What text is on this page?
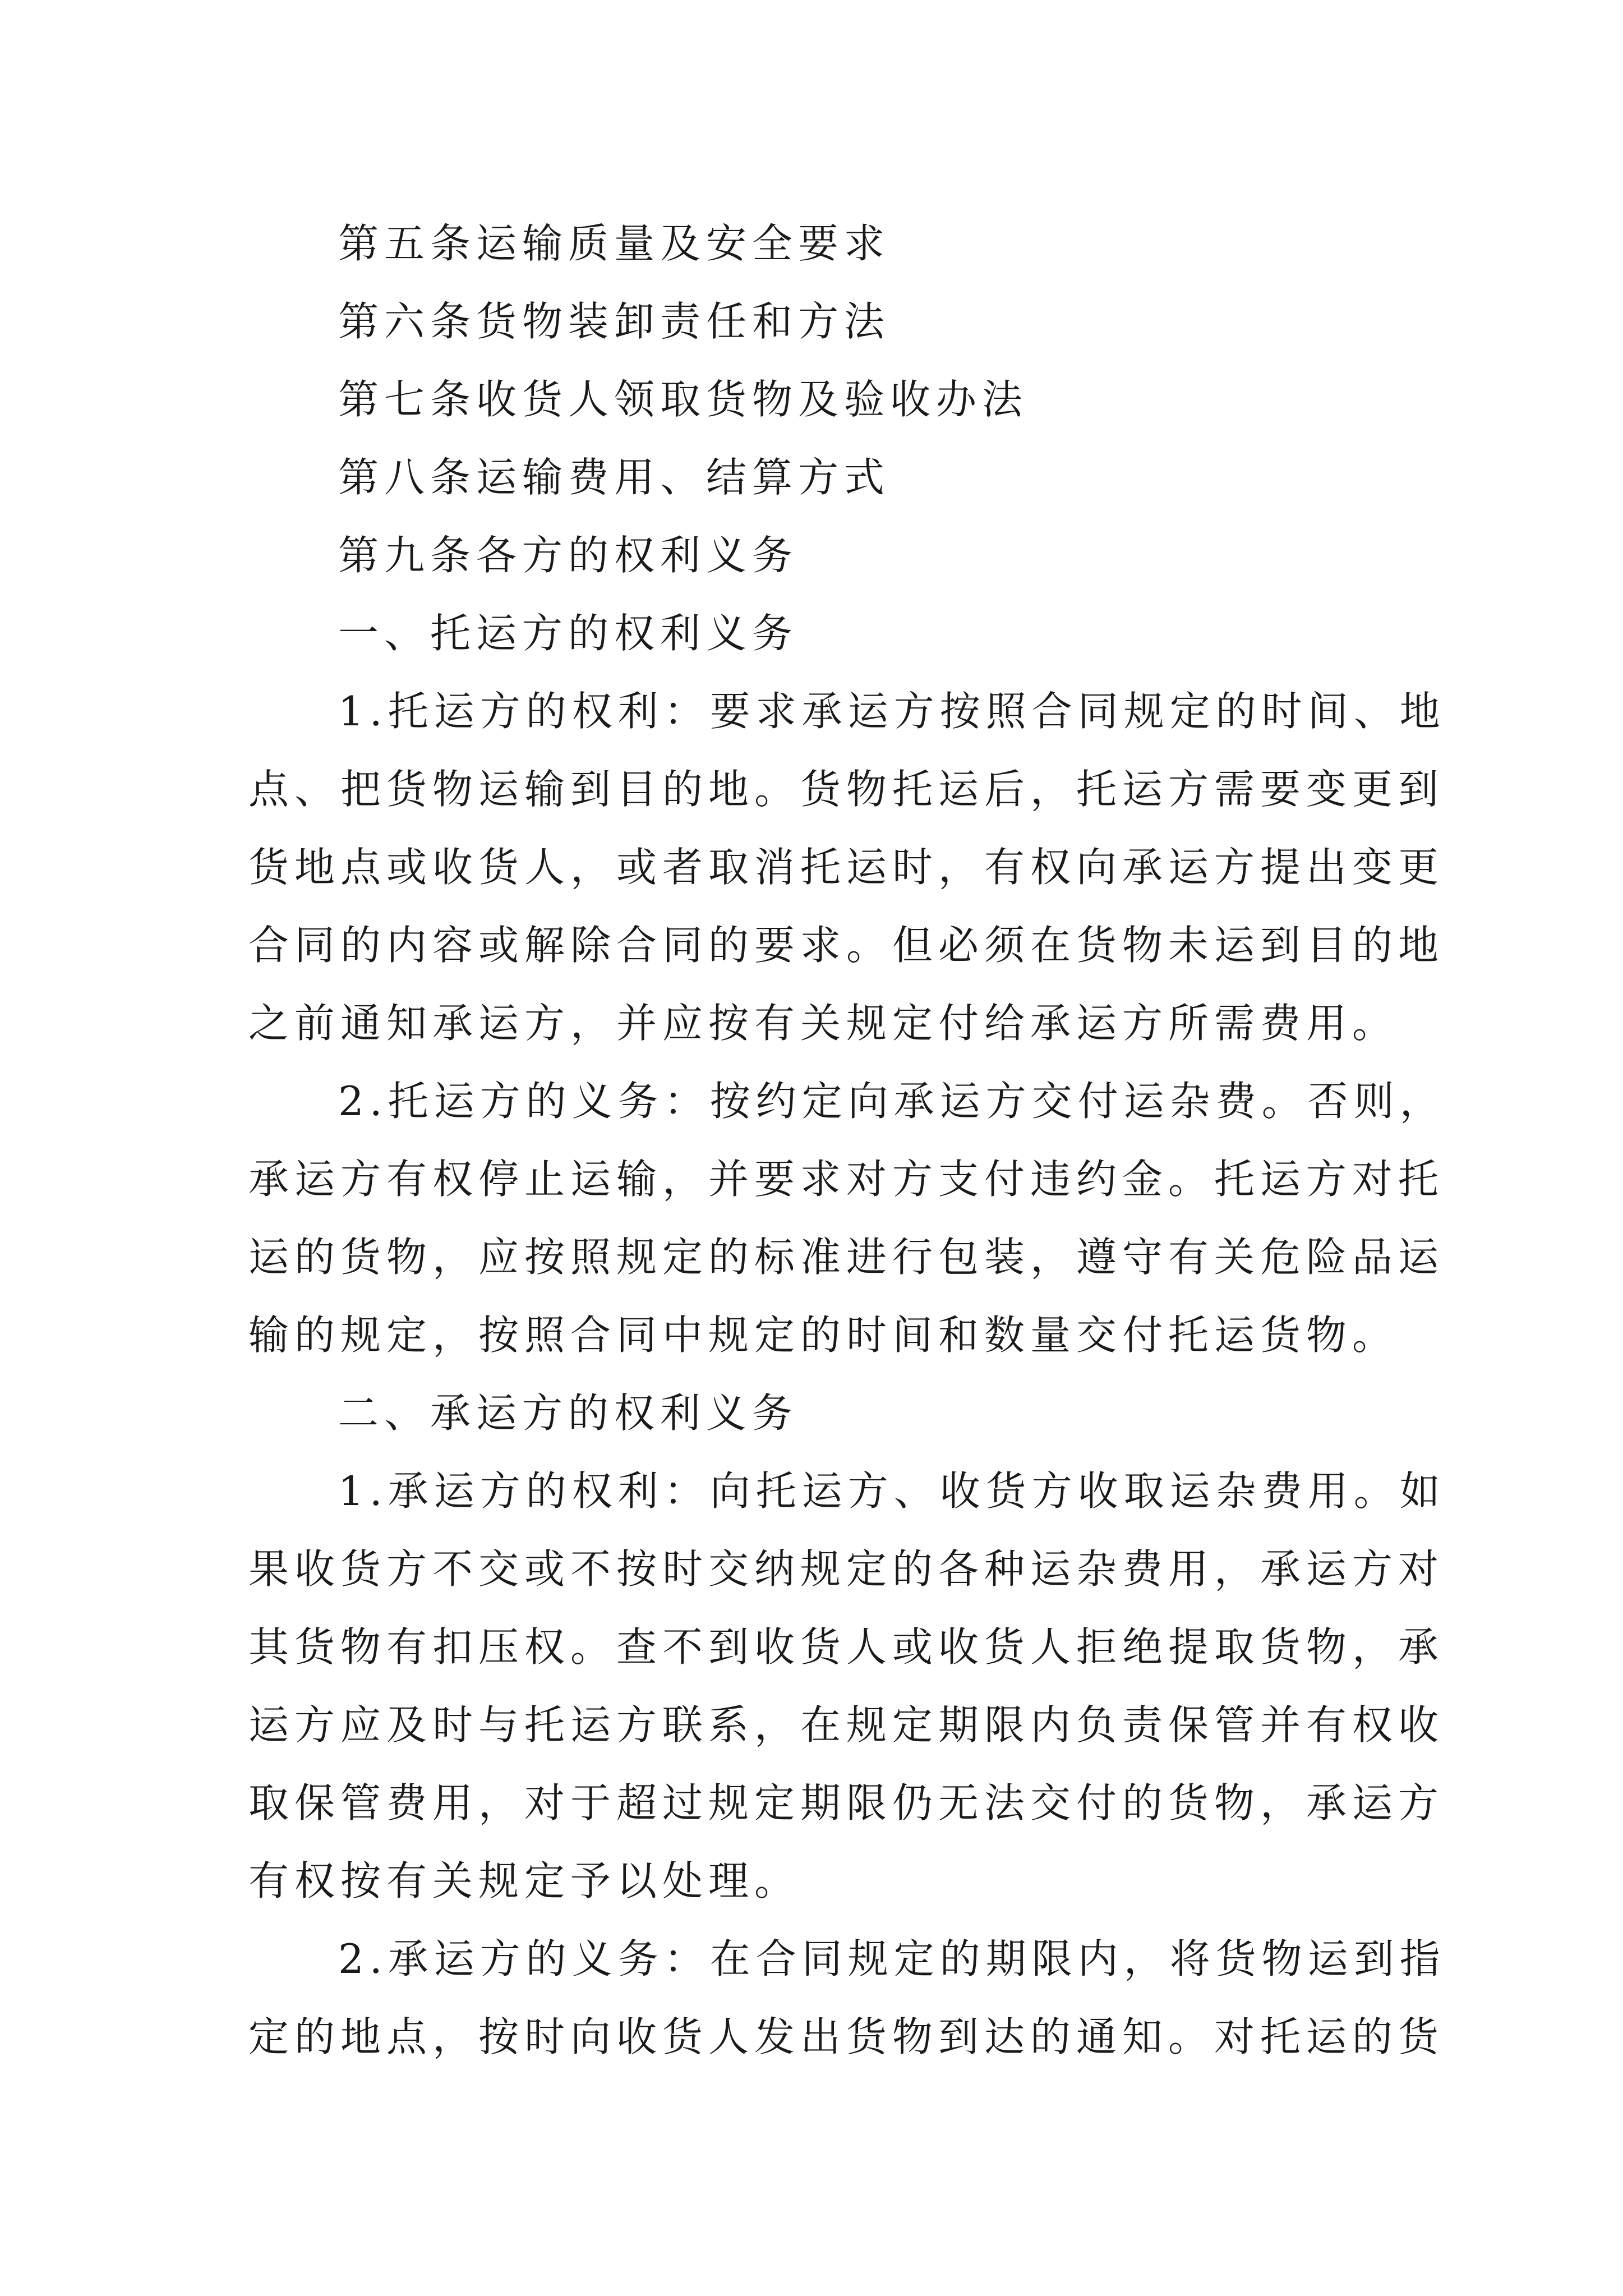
第五条运输质量及安全要求
第六条货物装卸责任和方法
第七条收货人领取货物及验收办法
第八条运输费用、结算方式
第九条各方的权利义务
一、托运方的权利义务
1.托运方的权利：要求承运方按照合同规定的时间、地
点、把货物运输到目的地。货物托运后，托运方需要变更到
货地点或收货人，或者取消托运时，有权向承运方提出变更
合同的内容或解除合同的要求。但必须在货物未运到目的地
之前通知承运方，并应按有关规定付给承运方所需费用。
2.托运方的义务：按约定向承运方交付运杂费。否则，
承运方有权停止运输，并要求对方支付违约金。托运方对托
运的货物，应按照规定的标准进行包装，遵守有关危险品运
输的规定，按照合同中规定的时间和数量交付托运货物。
二、承运方的权利义务
1.承运方的权利：向托运方、收货方收取运杂费用。如
果收货方不交或不按时交纳规定的各种运杂费用，承运方对
其货物有扣压权。查不到收货人或收货人拒绝提取货物，承
运方应及时与托运方联系，在规定期限内负责保管并有权收
取保管费用，对于超过规定期限仍无法交付的货物，承运方
有权按有关规定予以处理。
2.承运方的义务：在合同规定的期限内，将货物运到指
定的地点，按时向收货人发出货物到达的通知。对托运的货
